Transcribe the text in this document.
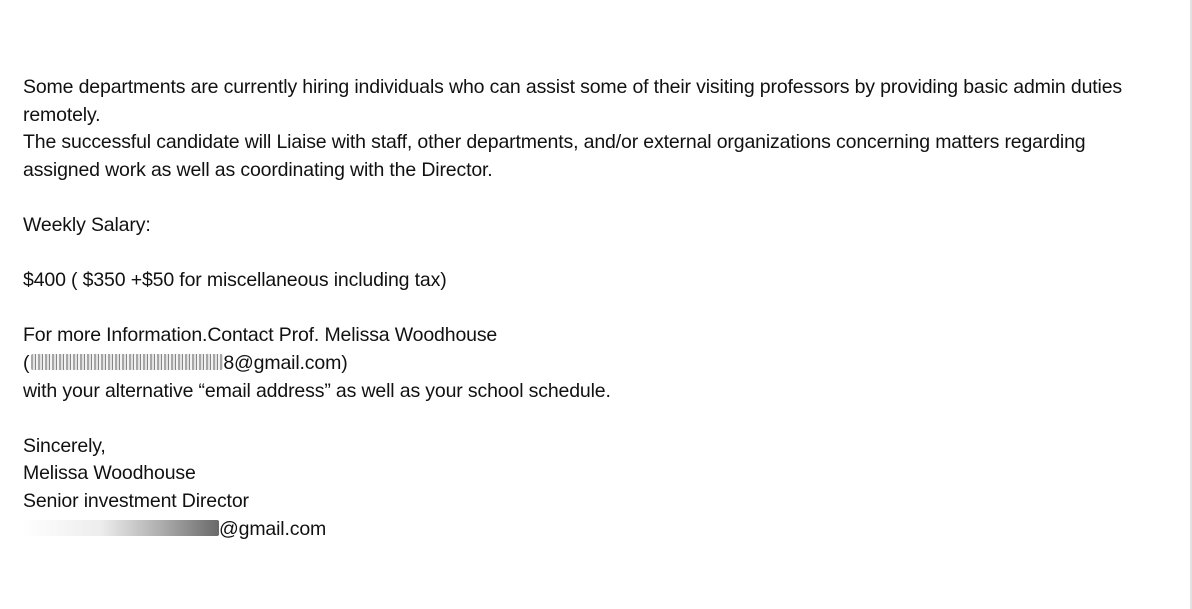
Some departments are currently hiring individuals who can assist some of their visiting professors by providing basic admin duties
remotely.
The successful candidate will Liaise with staff, other departments, and/or external organizations concerning matters regarding
assigned work as well as coordinating with the Director.
Weekly Salary:
$400 ( $350 +$50 for miscellaneous including tax)
For more Information.Contact Prof. Melissa Woodhouse
(	8@gmail.com)
with your alternative “email address” as well as your school schedule.
Sincerely,
Melissa Woodhouse
Senior investment Director
@gmail.com
